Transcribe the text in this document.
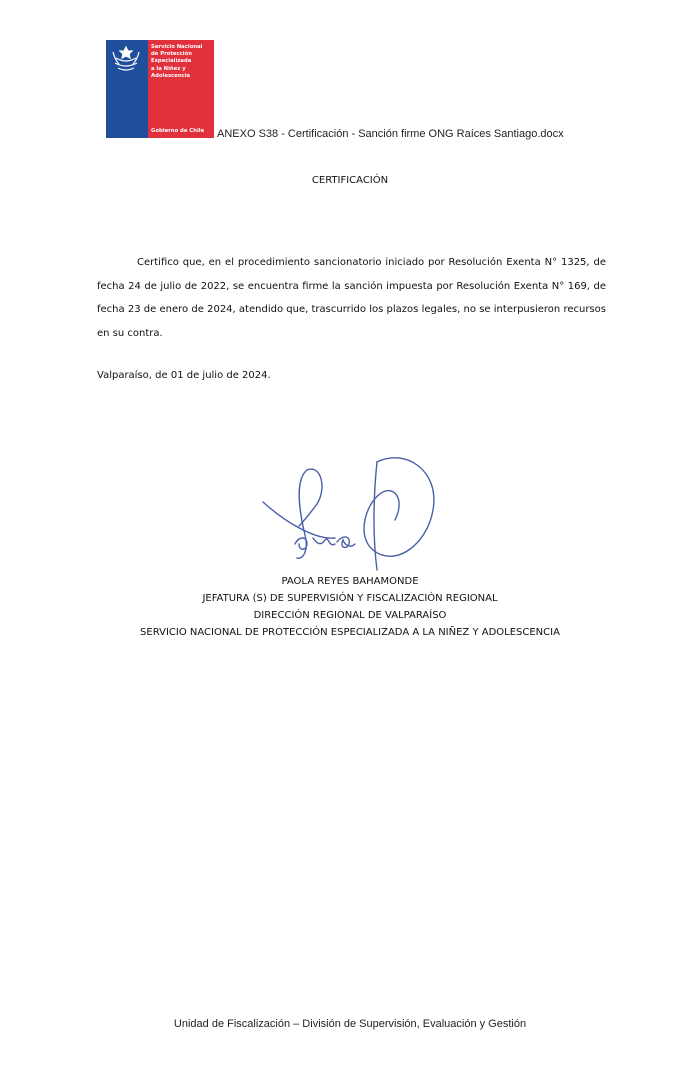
Servicio Nacional
de Protección
Especializada
a la Niñez y
Adolescencia
Gobierno de Chile ANEXO S38 - Certificación - Sanción firme ONG Raíces Santiago.docx
CERTIFICACIÓN
Certifico que, en el procedimiento sancionatorio iniciado por Resolución Exenta N° 1325, de fecha 24 de julio de 2022, se encuentra firme la sanción impuesta por Resolución Exenta N° 169, de fecha 23 de enero de 2024, atendido que, trascurrido los plazos legales, no se interpusieron recursos en su contra.
Valparaíso, de 01 de julio de 2024.
PAOLA REYES BAHAMONDE
JEFATURA (S) DE SUPERVISIÓN Y FISCALIZACIÓN REGIONAL
DIRECCIÓN REGIONAL DE VALPARAÍSO
SERVICIO NACIONAL DE PROTECCIÓN ESPECIALIZADA A LA NIÑEZ Y ADOLESCENCIA
Unidad de Fiscalización – División de Supervisión, Evaluación y Gestión
